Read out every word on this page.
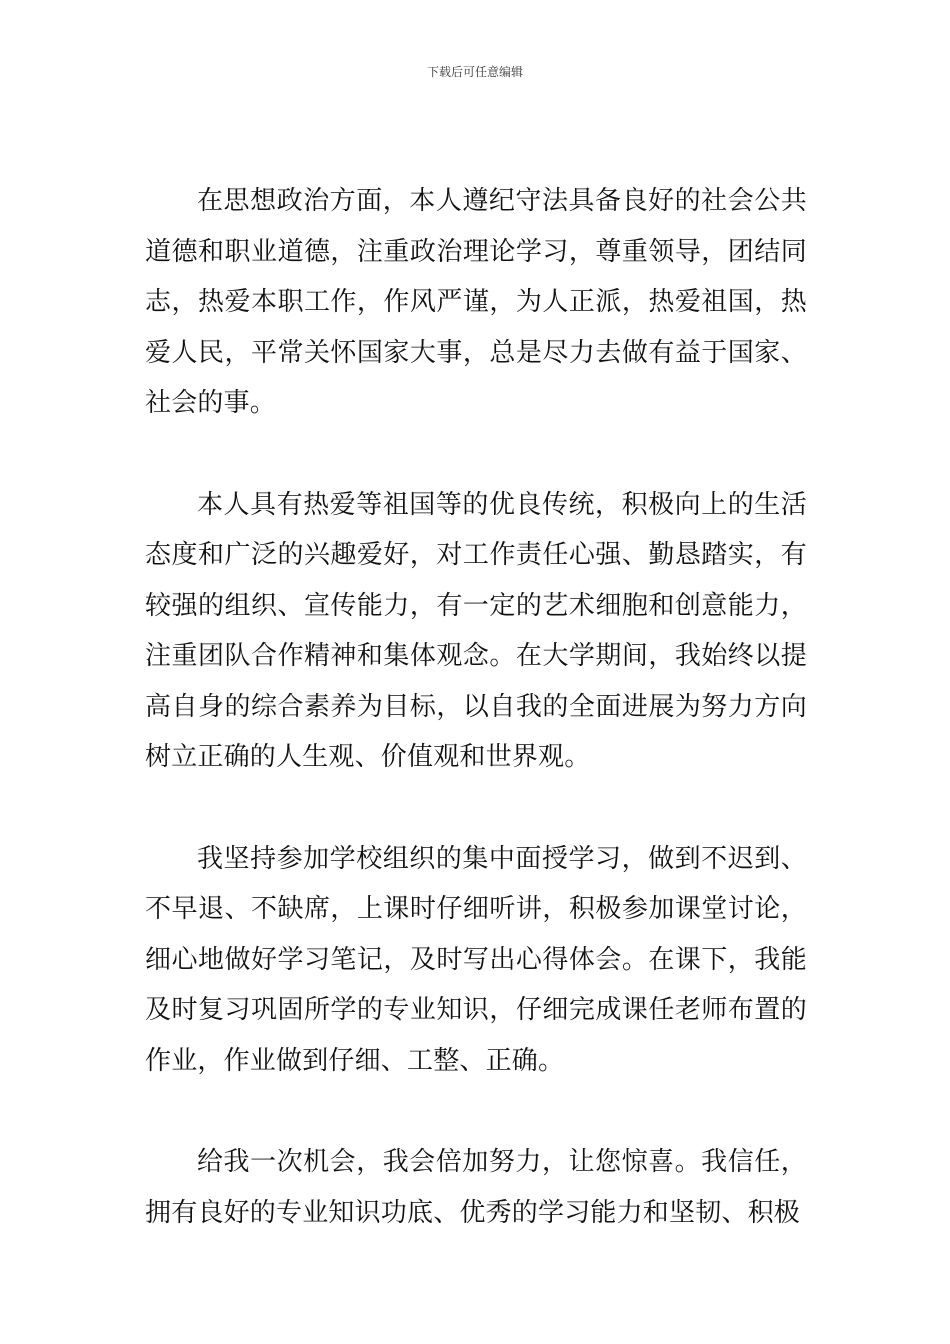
下载后可任意编辑

在思想政治方面，本人遵纪守法具备良好的社会公共道德和职业道德，注重政治理论学习，尊重领导，团结同志，热爱本职工作，作风严谨，为人正派，热爱祖国，热爱人民，平常关怀国家大事，总是尽力去做有益于国家、社会的事。

本人具有热爱等祖国等的优良传统，积极向上的生活态度和广泛的兴趣爱好，对工作责任心强、勤恳踏实，有较强的组织、宣传能力，有一定的艺术细胞和创意能力，注重团队合作精神和集体观念。在大学期间，我始终以提高自身的综合素养为目标，以自我的全面进展为努力方向树立正确的人生观、价值观和世界观。

我坚持参加学校组织的集中面授学习，做到不迟到、不早退、不缺席，上课时仔细听讲，积极参加课堂讨论，细心地做好学习笔记，及时写出心得体会。在课下，我能及时复习巩固所学的专业知识，仔细完成课任老师布置的作业，作业做到仔细、工整、正确。

给我一次机会，我会倍加努力，让您惊喜。我信任，拥有良好的专业知识功底、优秀的学习能力和坚韧、积极
